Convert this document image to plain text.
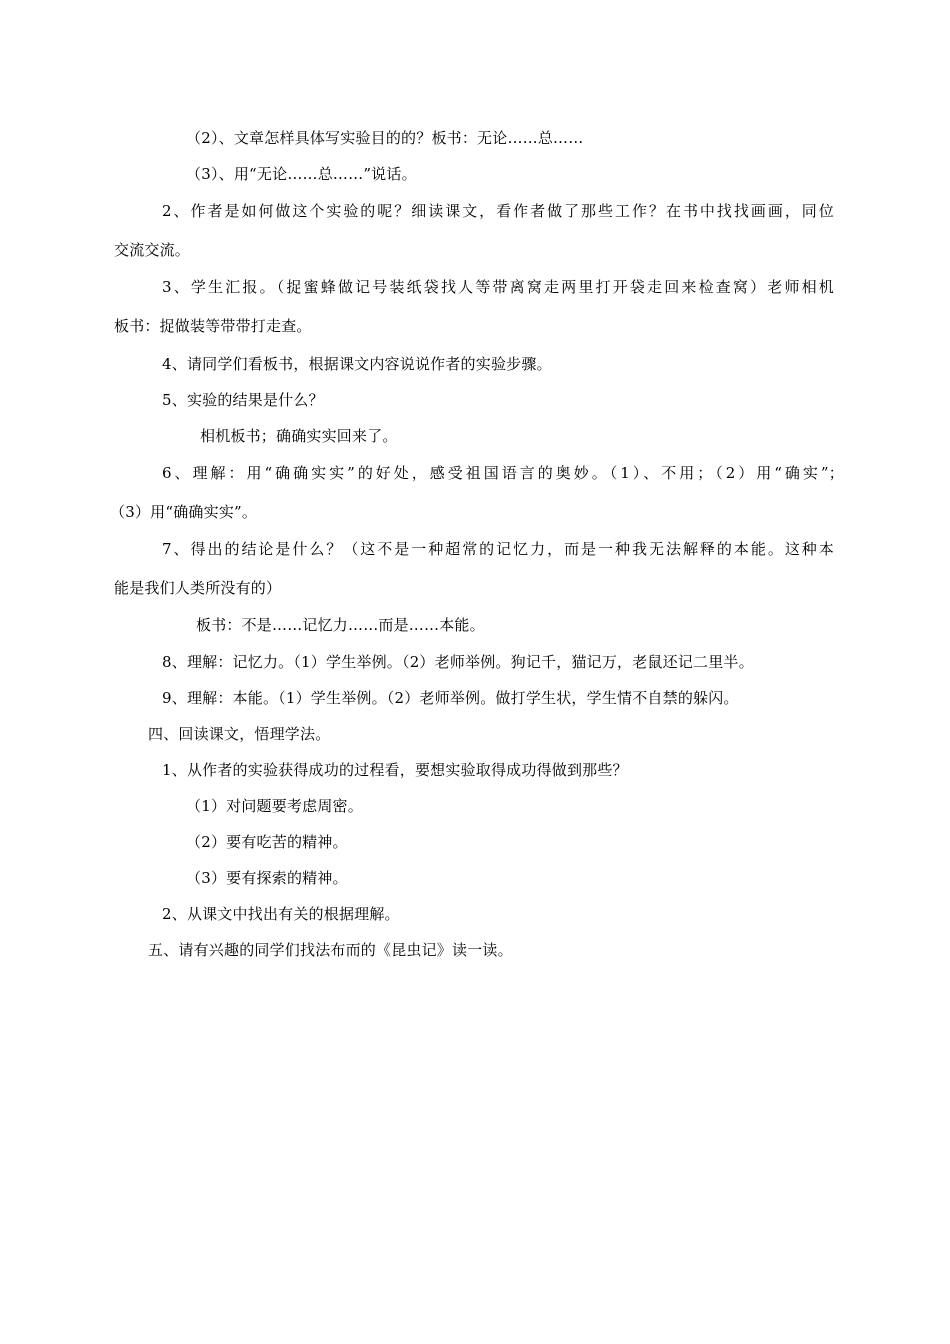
（2）、文章怎样具体写实验目的的？板书：无论……总……
（3）、用“无论……总……”说话。
2、作者是如何做这个实验的呢？细读课文，看作者做了那些工作？在书中找找画画，同位
交流交流。
3、学生汇报。（捉蜜蜂做记号装纸袋找人等带离窝走两里打开袋走回来检查窝）老师相机
板书：捉做装等带带打走查。
4、请同学们看板书，根据课文内容说说作者的实验步骤。
5、实验的结果是什么？
相机板书；确确实实回来了。
6、理解：用“确确实实”的好处，感受祖国语言的奥妙。（1）、不用；（2）用“确实”；
（3）用“确确实实”。
7、得出的结论是什么？（这不是一种超常的记忆力，而是一种我无法解释的本能。这种本
能是我们人类所没有的）
板书：不是……记忆力……而是……本能。
8、理解：记忆力。（1）学生举例。（2）老师举例。狗记千，猫记万，老鼠还记二里半。
9、理解：本能。（1）学生举例。（2）老师举例。做打学生状，学生情不自禁的躲闪。
四、回读课文，悟理学法。
1、从作者的实验获得成功的过程看，要想实验取得成功得做到那些？
（1）对问题要考虑周密。
（2）要有吃苦的精神。
（3）要有探索的精神。
2、从课文中找出有关的根据理解。
五、请有兴趣的同学们找法布而的《昆虫记》读一读。
